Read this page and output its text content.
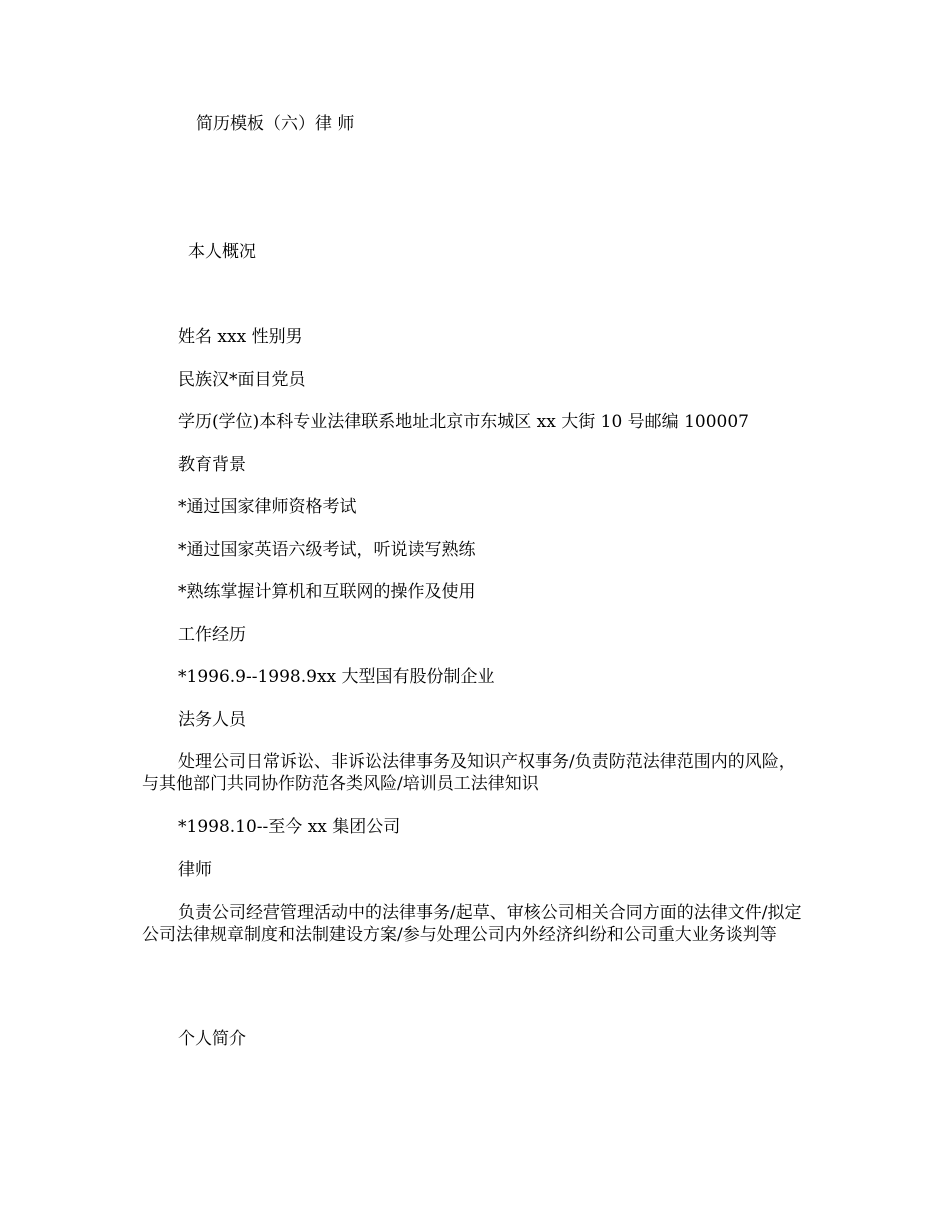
简历模板（六）律 师

本人概况

姓名 xxx 性别男

民族汉*面目党员

学历(学位)本科专业法律联系地址北京市东城区 xx 大街 10 号邮编 100007

教育背景

*通过国家律师资格考试

*通过国家英语六级考试，听说读写熟练

*熟练掌握计算机和互联网的操作及使用

工作经历

*1996.9--1998.9xx 大型国有股份制企业

法务人员

处理公司日常诉讼、非诉讼法律事务及知识产权事务/负责防范法律范围内的风险，与其他部门共同协作防范各类风险/培训员工法律知识

*1998.10--至今 xx 集团公司

律师

负责公司经营管理活动中的法律事务/起草、审核公司相关合同方面的法律文件/拟定公司法律规章制度和法制建设方案/参与处理公司内外经济纠纷和公司重大业务谈判等

个人简介
